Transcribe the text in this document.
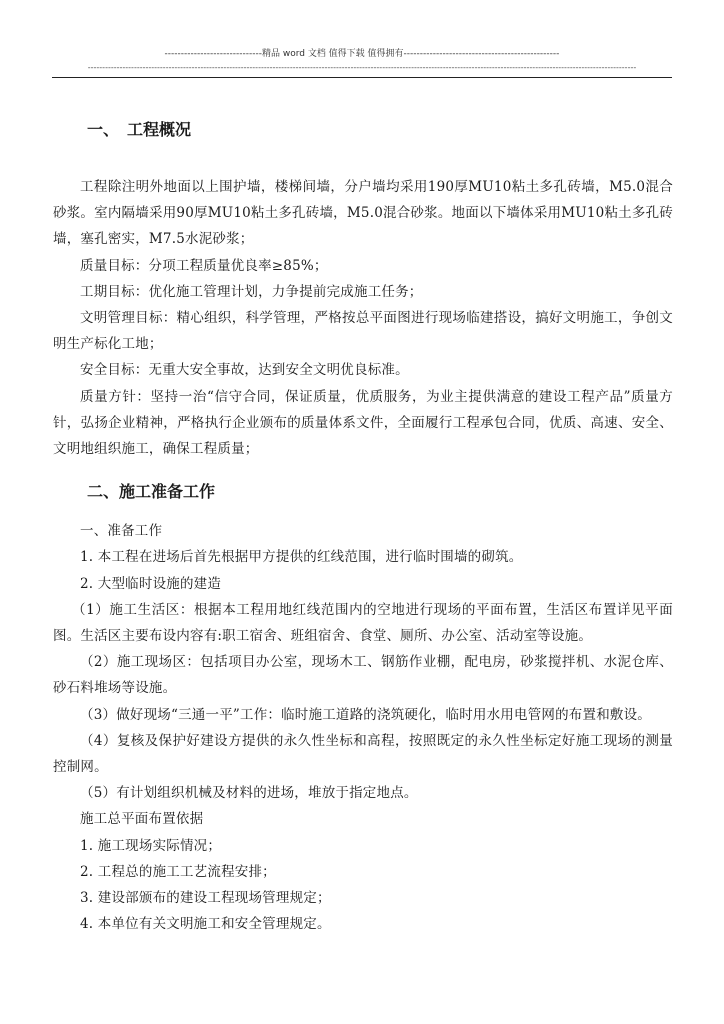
------------------------------精品 word 文档 值得下载 值得拥有------------------------------------------------
----------------------------------------------------------------------------------------------------------------------------------------------------------------------------------------------
一、 工程概况

工程除注明外地面以上围护墙，楼梯间墙，分户墙均采用190厚MU10粘土多孔砖墙，M5.0混合砂浆。室内隔墙采用90厚MU10粘土多孔砖墙，M5.0混合砂浆。地面以下墙体采用MU10粘土多孔砖墙，塞孔密实，M7.5水泥砂浆；

质量目标：分项工程质量优良率≥85%；

工期目标：优化施工管理计划，力争提前完成施工任务；

文明管理目标：精心组织，科学管理，严格按总平面图进行现场临建搭设，搞好文明施工，争创文明生产标化工地；

安全目标：无重大安全事故，达到安全文明优良标准。

质量方针：坚持一治“信守合同，保证质量，优质服务，为业主提供满意的建设工程产品”质量方针，弘扬企业精神，严格执行企业颁布的质量体系文件，全面履行工程承包合同，优质、高速、安全、文明地组织施工，确保工程质量；

二、施工准备工作

一、准备工作

1. 本工程在进场后首先根据甲方提供的红线范围，进行临时围墙的砌筑。

2. 大型临时设施的建造

（1）施工生活区：根据本工程用地红线范围内的空地进行现场的平面布置，生活区布置详见平面图。生活区主要布设内容有:职工宿舍、班组宿舍、食堂、厕所、办公室、活动室等设施。

（2）施工现场区：包括项目办公室，现场木工、钢筋作业棚，配电房，砂浆搅拌机、水泥仓库、砂石料堆场等设施。

（3）做好现场“三通一平”工作：临时施工道路的浇筑硬化，临时用水用电管网的布置和敷设。

（4）复核及保护好建设方提供的永久性坐标和高程，按照既定的永久性坐标定好施工现场的测量控制网。

（5）有计划组织机械及材料的进场，堆放于指定地点。

施工总平面布置依据

1. 施工现场实际情况；

2. 工程总的施工工艺流程安排；

3. 建设部颁布的建设工程现场管理规定；

4. 本单位有关文明施工和安全管理规定。
